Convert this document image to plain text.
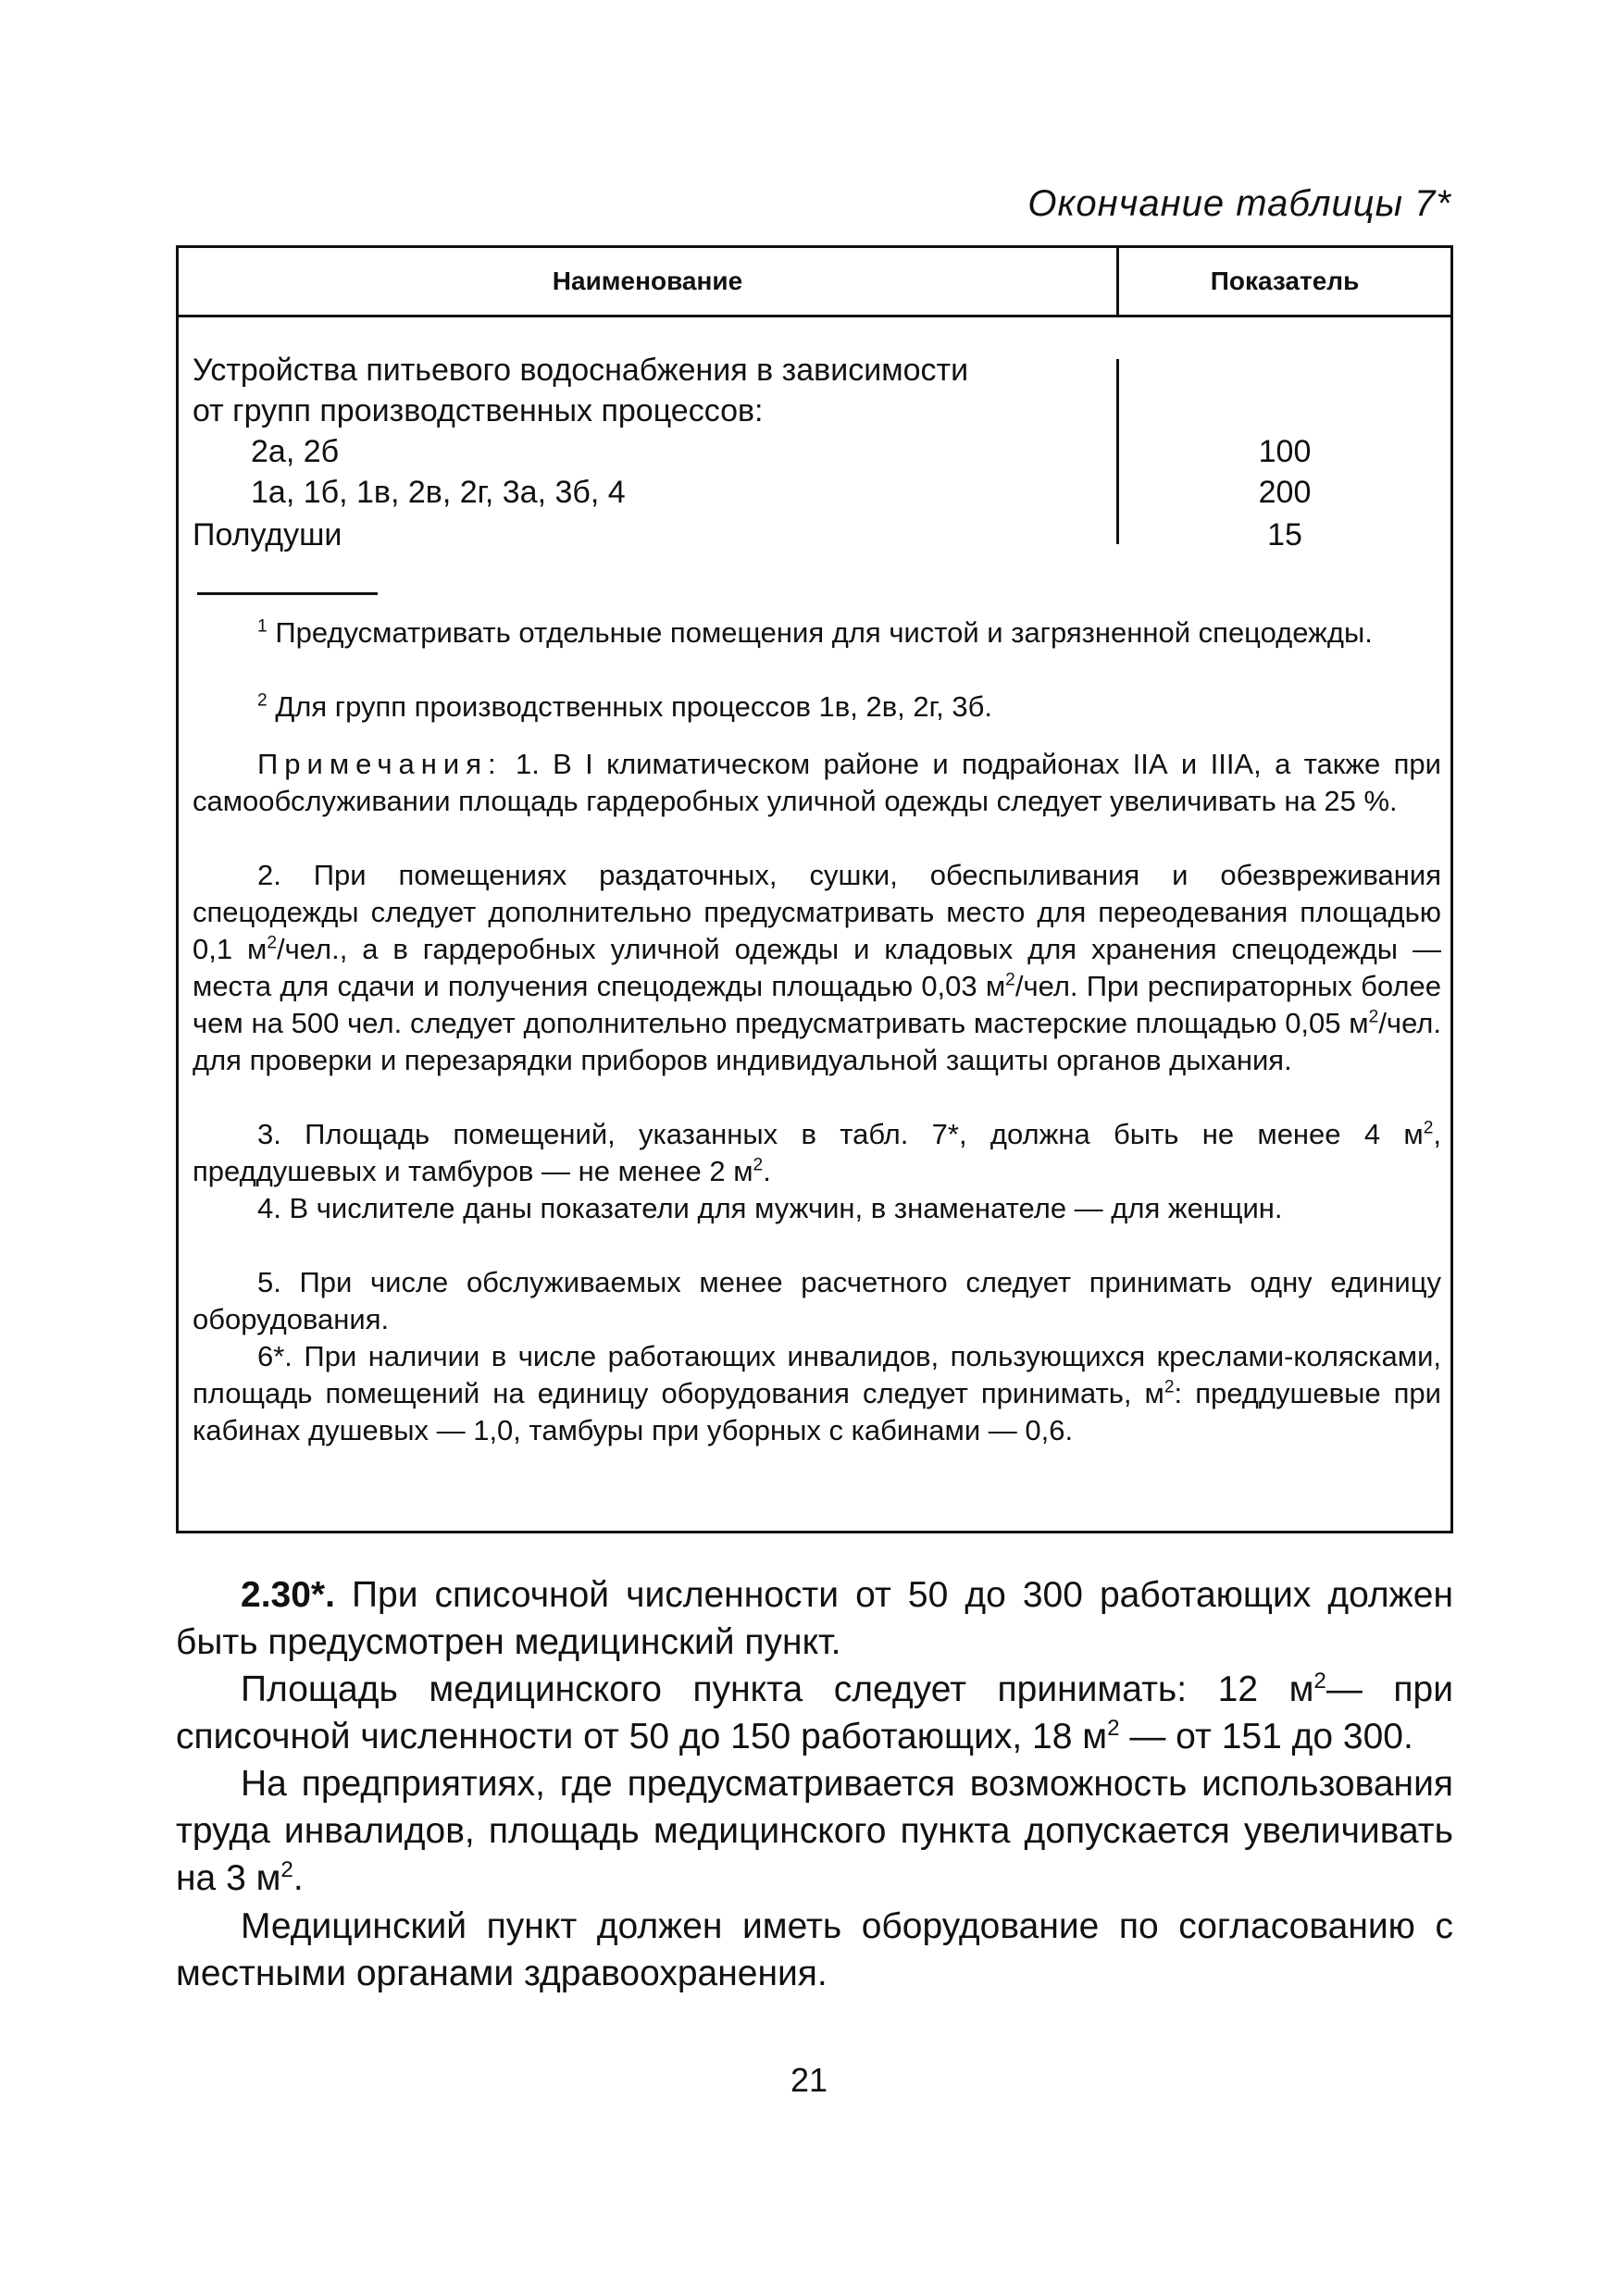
Окончание таблицы 7*
Наименование	Показатель
Устройства питьевого водоснабжения в зависимости
от групп производственных процессов:
2а, 2б	100
1а, 1б, 1в, 2в, 2г, 3а, 3б, 4	200
Полудуши	15
$^1$ Предусматривать отдельные помещения для чистой и загрязненной спецодежды.
$^2$ Для групп производственных процессов 1в, 2в, 2г, 3б.
Примечания: 1. В I климатическом районе и подрайонах IIА и IIIА, а также при самообслуживании площадь гардеробных уличной одежды следует увеличивать на 25 %.
2. При помещениях раздаточных, сушки, обеспыливания и обезвреживания спецодежды следует дополнительно предусматривать место для переодевания площадью 0,1 $м^2$/чел., а в гардеробных уличной одежды и кладовых для хранения спецодежды — места для сдачи и получения спецодежды площадью 0,03 $м^2$/чел. При респираторных более чем на 500 чел. следует дополнительно предусматривать мастерские площадью 0,05 $м^2$/чел. для проверки и перезарядки приборов индивидуальной защиты органов дыхания.
3. Площадь помещений, указанных в табл. 7*, должна быть не менее 4 $м^2$, преддушевых и тамбуров — не менее 2 $м^2$.
4. В числителе даны показатели для мужчин, в знаменателе — для женщин.
5. При числе обслуживаемых менее расчетного следует принимать одну единицу оборудования.
6*. При наличии в числе работающих инвалидов, пользующихся креслами-колясками, площадь помещений на единицу оборудования следует принимать, $м^2$: преддушевые при кабинах душевых — 1,0, тамбуры при уборных с кабинами — 0,6.
2.30*. При списочной численности от 50 до 300 работающих должен быть предусмотрен медицинский пункт.
Площадь медицинского пункта следует принимать: 12 $м^2—$ при списочной численности от 50 до 150 работающих, 18 $м^2$ — от 151 до 300.
На предприятиях, где предусматривается возможность использования труда инвалидов, площадь медицинского пункта допускается увеличивать на 3 $м^2$.
Медицинский пункт должен иметь оборудование по согласованию с местными органами здравоохранения.
21
